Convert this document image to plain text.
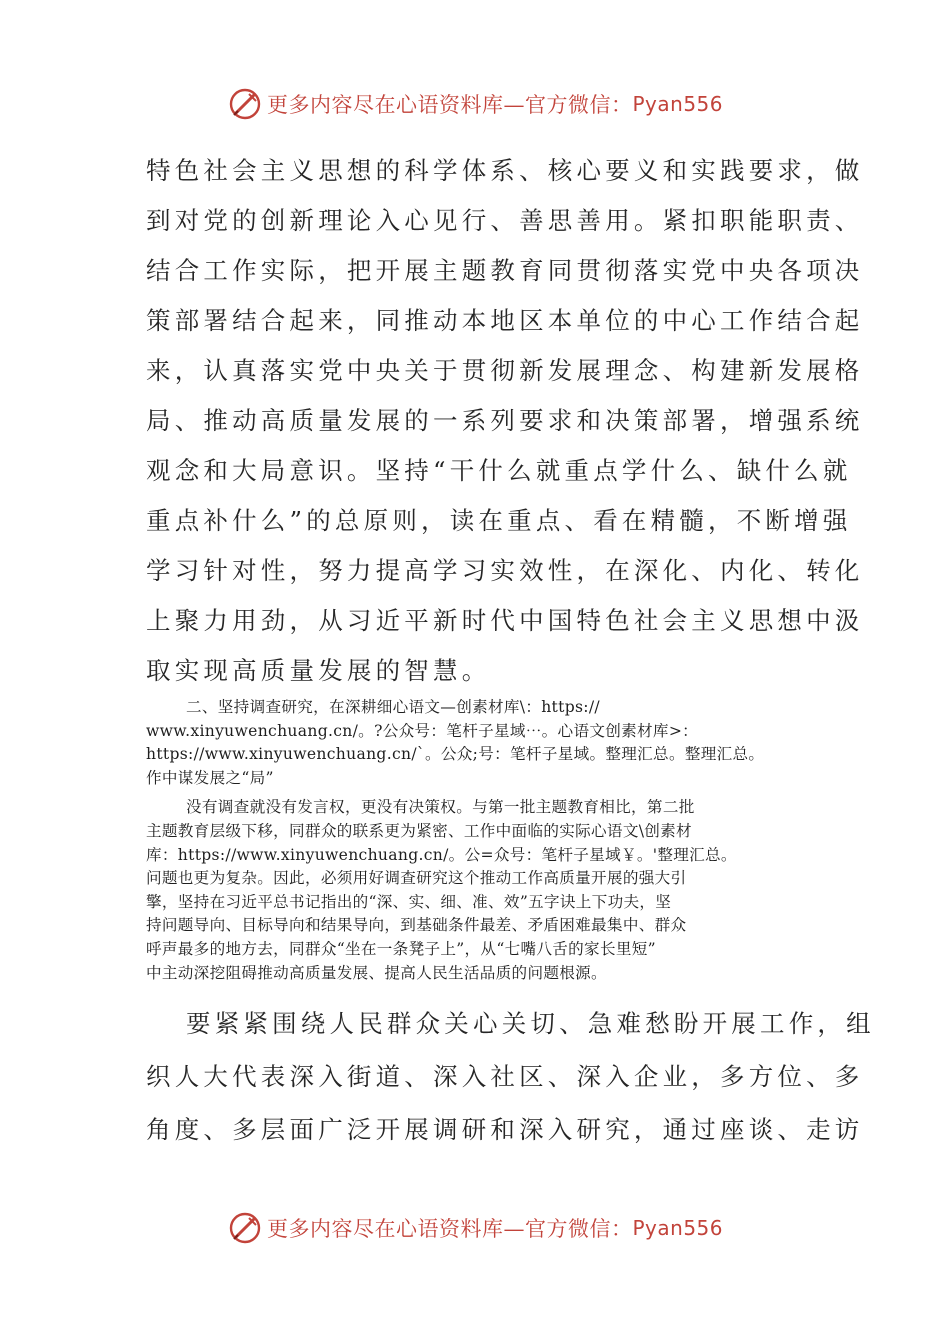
更多内容尽在心语资料库—官方微信： Pyan556

特色社会主义思想的科学体系、核心要义和实践要求，做

到对党的创新理论入心见行、善思善用。紧扣职能职责、

结合工作实际，把开展主题教育同贯彻落实党中央各项决

策部署结合起来，同推动本地区本单位的中心工作结合起

来，认真落实党中央关于贯彻新发展理念、构建新发展格

局、推动高质量发展的一系列要求和决策部署，增强系统

观念和大局意识。坚持“干什么就重点学什么、缺什么就

重点补什么”的总原则，读在重点、看在精髓，不断增强

学习针对性，努力提高学习实效性，在深化、内化、转化

上聚力用劲，从习近平新时代中国特色社会主义思想中汲

取实现高质量发展的智慧。

二、坚持调查研究，在深耕细心语文—创素材库\：https://

www.xinyuwenchuang.cn/。?公众号：笔杆子星域⋯。心语文创素材库>：

https://www.xinyuwenchuang.cn/`。公众;号：笔杆子星域。整理汇总。整理汇总。

作中谋发展之“局”

没有调查就没有发言权，更没有决策权。与第一批主题教育相比，第二批

主题教育层级下移，同群众的联系更为紧密、工作中面临的实际心语文\创素材

库：https://www.xinyuwenchuang.cn/。公=众号：笔杆子星域￥。'整理汇总。

问题也更为复杂。因此，必须用好调查研究这个推动工作高质量开展的强大引

擎，坚持在习近平总书记指出的“深、实、细、准、效”五字诀上下功夫，坚

持问题导向、目标导向和结果导向，到基础条件最差、矛盾困难最集中、群众

呼声最多的地方去，同群众“坐在一条凳子上”，从“七嘴八舌的家长里短”

中主动深挖阻碍推动高质量发展、提高人民生活品质的问题根源。

要紧紧围绕人民群众关心关切、急难愁盼开展工作，组

织人大代表深入街道、深入社区、深入企业，多方位、多

角度、多层面广泛开展调研和深入研究，通过座谈、走访

更多内容尽在心语资料库—官方微信： Pyan556
